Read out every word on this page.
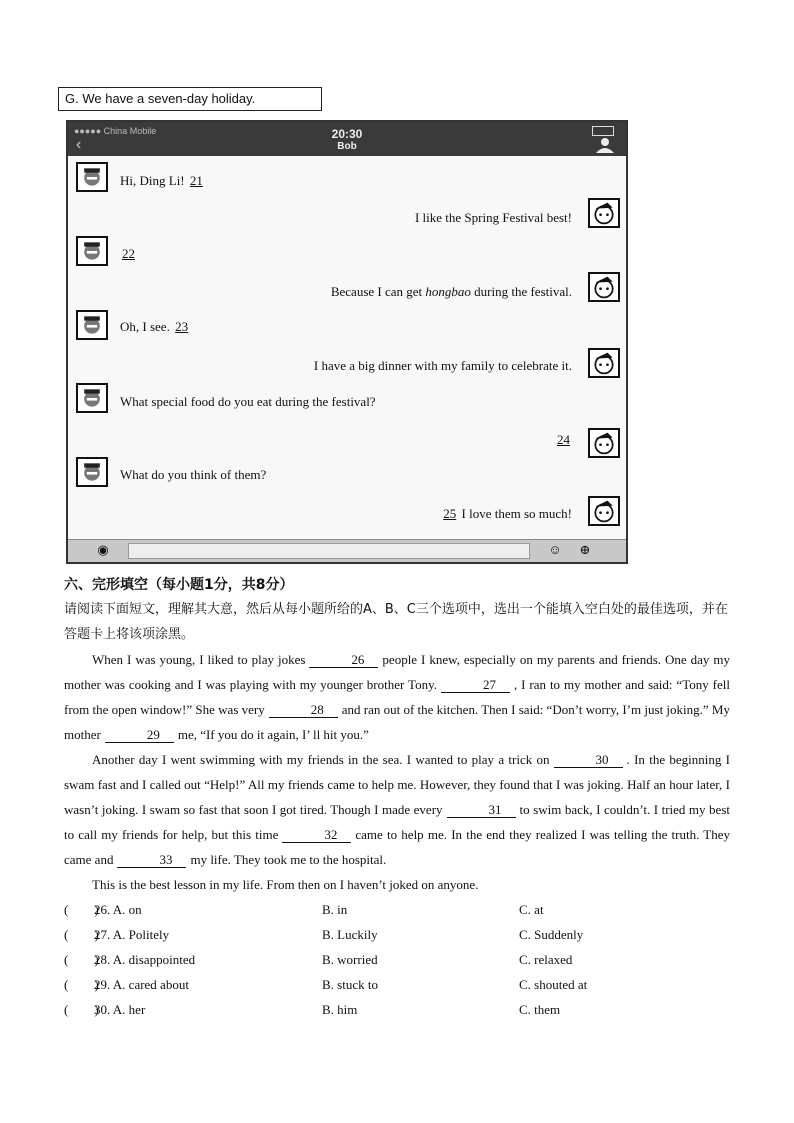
G. We have a seven-day holiday.
●●●●● China Mobile
‹
20:30
Bob
Hi, Ding Li! 21
I like the Spring Festival best!
22
Because I can get hongbao during the festival.
Oh, I see. 23
I have a big dinner with my family to celebrate it.
What special food do you eat during the festival?
24
What do you think of them?
25 I love them so much!
◉	☺ ⊕
六、完形填空（每小题1分，共8分）
请阅读下面短文，理解其大意，然后从每小题所给的A、B、C三个选项中，选出一个能填入空白处的最佳选项，并在答题卡上将该项涂黑。
When I was young, I liked to play jokes	26 people I knew, especially on my parents and friends. One day my mother was cooking and I was playing with my younger brother Tony.	27 , I ran to my mother and said: “Tony fell from the open window!” She was very	28 and ran out of the kitchen. Then I said: “Don’t worry, I’m just joking.” My mother	29 me, “If you do it again, I’ ll hit you.”
Another day I went swimming with my friends in the sea. I wanted to play a trick on	30 . In the beginning I swam fast and I called out “Help!” All my friends came to help me. However, they found that I was joking. Half an hour later, I wasn’t joking. I swam so fast that soon I got tired. Though I made every	31 to swim back, I couldn’t. I tried my best to call my friends for help, but this time	32 came to help me. In the end they realized I was telling the truth. They came and	33 my life. They took me to the hospital.
This is the best lesson in my life. From then on I haven’t joked on anyone.
(　　)
26. A. on	B. in	C. at
(　　)
27. A. Politely	B. Luckily	C. Suddenly
(　　)
28. A. disappointed	B. worried	C. relaxed
(　　)
29. A. cared about	B. stuck to	C. shouted at
(　　)
30. A. her	B. him	C. them
